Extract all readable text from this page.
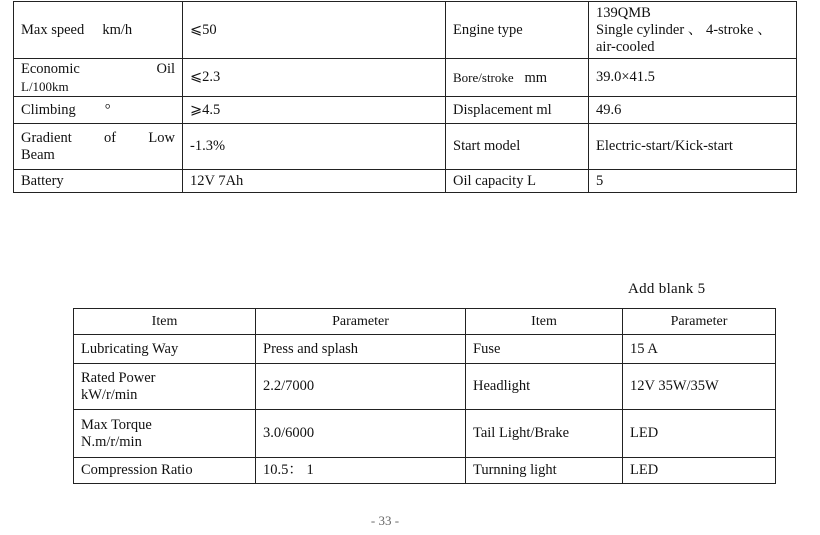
Max speed km/h	⩽50	Engine type	139QMB
Single cylinder 、 4-stroke 、
air-cooled

Economic Oil
L/100km	⩽2.3	Bore/stroke mm	39.0×41.5
Climbing °	⩾4.5	Displacement ml	49.6

Gradient of Low
Beam	-1.3%	Start model	Electric-start/Kick-start
Battery	12V 7Ah	Oil capacity L	5
Add blank 5
Item	Parameter	Item	Parameter
Lubricating Way	Press and splash	Fuse	15 A

Rated Power
kW/r/min	2.2/7000	Headlight	12V 35W/35W

Max Torque
N.m/r/min	3.0/6000	Tail Light/Brake	LED
Compression Ratio	10.5： 1	Turnning light	LED
- 33 -
